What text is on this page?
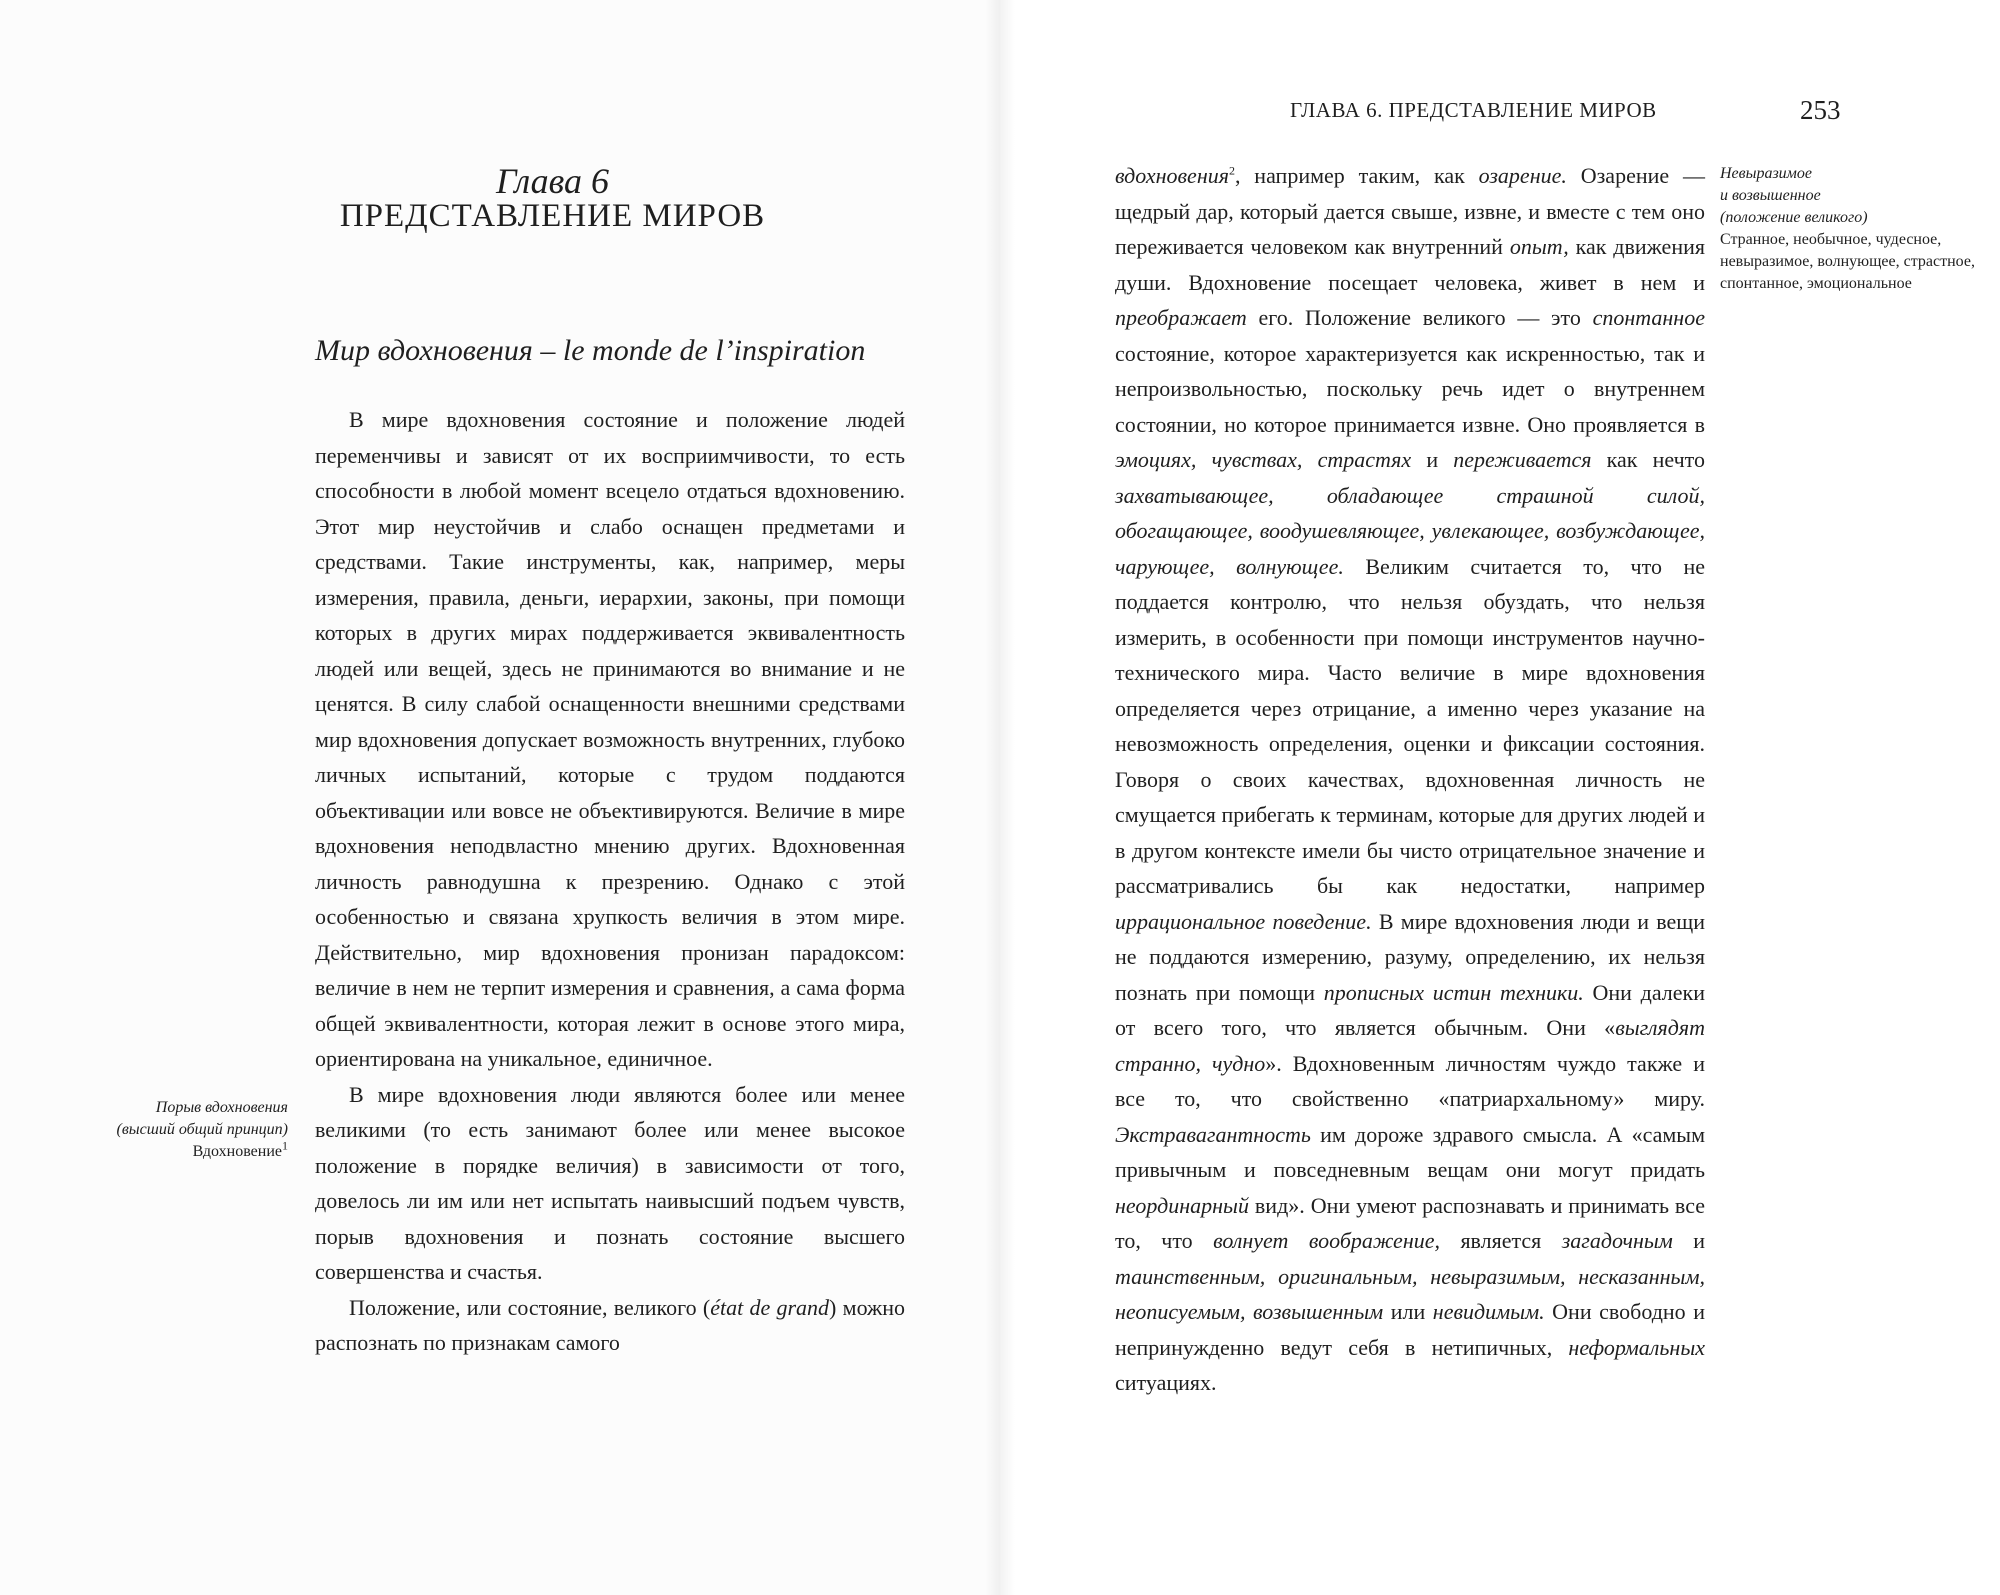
ГЛАВА 6. ПРЕДСТАВЛЕНИЕ МИРОВ	253
Глава 6
ПРЕДСТАВЛЕНИЕ МИРОВ
Мир вдохновения – le monde de l’inspiration

В мире вдохновения состояние и положение людей переменчивы и зависят от их восприимчивости, то есть способности в любой момент всецело отдаться вдохновению. Этот мир неустойчив и слабо оснащен предметами и средствами. Такие инструменты, как, например, меры измерения, правила, деньги, иерархии, законы, при помощи которых в других мирах поддерживается эквивалентность людей или вещей, здесь не принимаются во внимание и не ценятся. В силу слабой оснащенности внешними средствами мир вдохновения допускает возможность внутренних, глубоко личных испытаний, которые с трудом поддаются объективации или вовсе не объективируются. Величие в мире вдохновения неподвластно мнению других. Вдохновенная личность равнодушна к презрению. Однако с этой особенностью и связана хрупкость величия в этом мире. Действительно, мир вдохновения пронизан парадоксом: величие в нем не терпит измерения и сравнения, а сама форма общей эквивалентности, которая лежит в основе этого мира, ориентирована на уникальное, единичное.

В мире вдохновения люди являются более или менее великими (то есть занимают более или менее высокое положение в порядке величия) в зависимости от того, довелось ли им или нет испытать наивысший подъем чувств, порыв вдохновения и познать состояние высшего совершенства и счастья.

Положение, или состояние, великого (état de grand) можно распознать по признакам самого

вдохновения$^2$, например таким, как озарение. Озарение — щедрый дар, который дается свыше, извне, и вместе с тем оно переживается человеком как внутренний опыт, как движения души. Вдохновение посещает человека, живет в нем и преображает его. Положение великого — это спонтанное состояние, которое характеризуется как искренностью, так и непроизвольностью, поскольку речь идет о внутреннем состоянии, но которое принимается извне. Оно проявляется в эмоциях, чувствах, страстях и переживается как нечто захватывающее, обладающее страшной силой, обогащающее, воодушевляющее, увлекающее, возбуждающее, чарующее, волнующее. Великим считается то, что не поддается контролю, что нельзя обуздать, что нельзя измерить, в особенности при помощи инструментов научно-технического мира. Часто величие в мире вдохновения определяется через отрицание, а именно через указание на невозможность определения, оценки и фиксации состояния. Говоря о своих качествах, вдохновенная личность не смущается прибегать к терминам, которые для других людей и в другом контексте имели бы чисто отрицательное значение и рассматривались бы как недостатки, например иррациональное поведение. В мире вдохновения люди и вещи не поддаются измерению, разуму, определению, их нельзя познать при помощи прописных истин техники. Они далеки от всего того, что является обычным. Они «выглядят странно, чудно». Вдохновенным личностям чуждо также и все то, что свойственно «патриархальному» миру. Экстравагантность им дороже здравого смысла. А «самым привычным и повседневным вещам они могут придать неординарный вид». Они умеют распознавать и принимать все то, что волнует воображение, является загадочным и таинственным, оригинальным, невыразимым, несказанным, неописуемым, возвышенным или невидимым. Они свободно и непринужденно ведут себя в нетипичных, неформальных ситуациях.

Порыв вдохновения
(высший общий принцип)
Вдохновение$^1$
Невыразимое
и возвышенное
(положение великого)
Странное, необычное, чудесное, невыразимое, волнующее, страстное, спонтанное, эмоциональное
